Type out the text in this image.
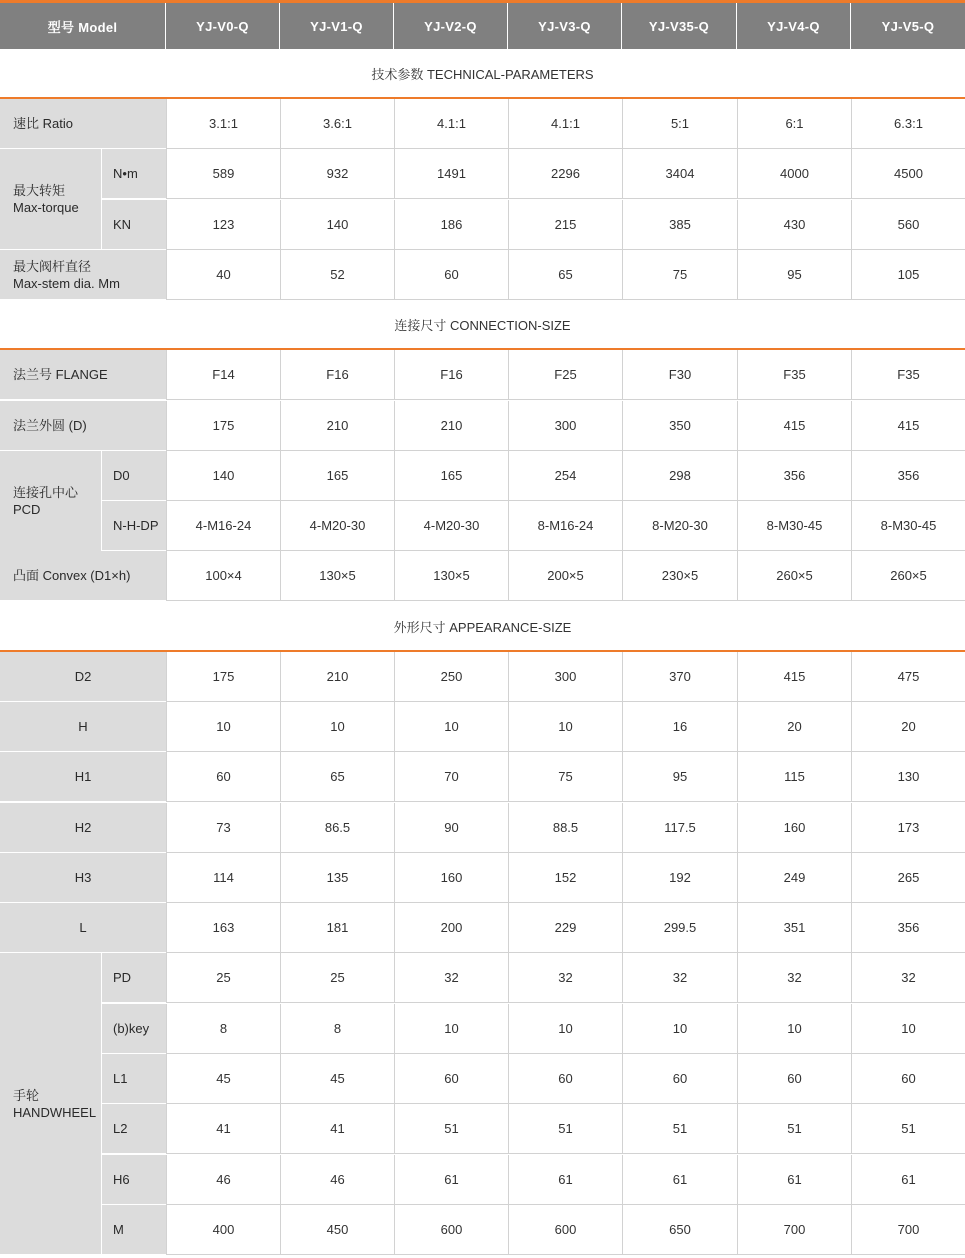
型号 Model	YJ-V0-Q	YJ-V1-Q	YJ-V2-Q	YJ-V3-Q	YJ-V35-Q	YJ-V4-Q	YJ-V5-Q
技术参数 TECHNICAL-PARAMETERS
速比 Ratio	3.1:1	3.6:1	4.1:1	4.1:1	5:1	6:1	6.3:1
最大转矩
Max-torque
N•m	589	932	1491	2296	3404	4000	4500
KN	123	140	186	215	385	430	560
最大阀杆直径
Max-stem dia. Mm
40	52	60	65	75	95	105
连接尺寸 CONNECTION-SIZE
法兰号 FLANGE	F14	F16	F16	F25	F30	F35	F35
法兰外圆 (D)	175	210	210	300	350	415	415
连接孔中心
PCD
D0	140	165	165	254	298	356	356
N-H-DP	4-M16-24	4-M20-30	4-M20-30	8-M16-24	8-M20-30	8-M30-45	8-M30-45
凸面 Convex (D1×h)	100×4	130×5	130×5	200×5	230×5	260×5	260×5
外形尺寸 APPEARANCE-SIZE
D2	175	210	250	300	370	415	475
H	10	10	10	10	16	20	20
H1	60	65	70	75	95	115	130
H2	73	86.5	90	88.5	117.5	160	173
H3	114	135	160	152	192	249	265
L	163	181	200	229	299.5	351	356
手轮
HANDWHEEL
PD	25	25	32	32	32	32	32
(b)key	8	8	10	10	10	10	10
L1	45	45	60	60	60	60	60
L2	41	41	51	51	51	51	51
H6	46	46	61	61	61	61	61
M	400	450	600	600	650	700	700
